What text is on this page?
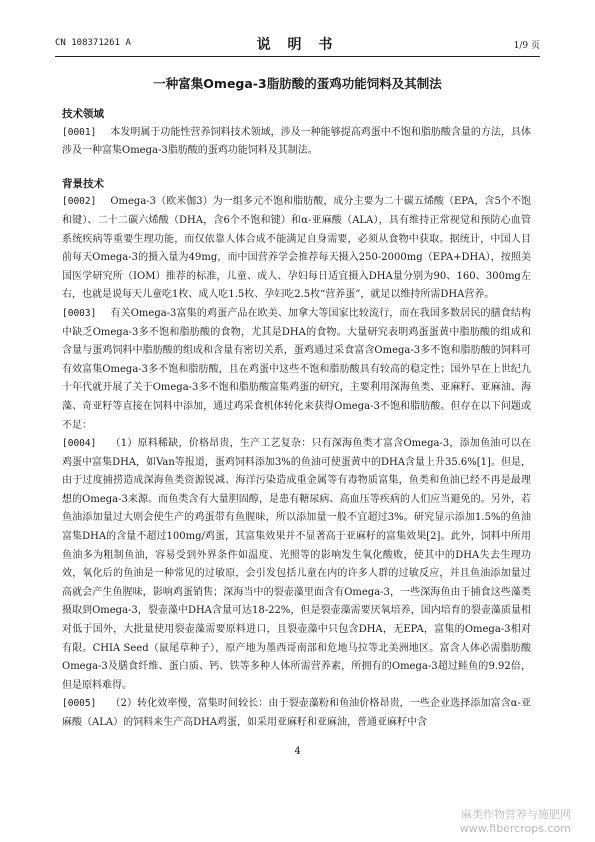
CN 108371261 A	说 明 书	1/9 页
一种富集Omega-3脂肪酸的蛋鸡功能饲料及其制法

技术领域

[0001] 本发明属于功能性营养饲料技术领域，涉及一种能够提高鸡蛋中不饱和脂肪酸含量的方法，具体涉及一种富集Omega-3脂肪酸的蛋鸡功能饲料及其制法。

背景技术

[0002] Omega-3（欧米伽3）为一组多元不饱和脂肪酸，成分主要为二十碳五烯酸（EPA，含5个不饱和键）、二十二碳六烯酸（DHA，含6个不饱和键）和α-亚麻酸（ALA），具有维持正常视觉和预防心血管系统疾病等重要生理功能，而仅依靠人体合成不能满足自身需要，必须从食物中获取。据统计，中国人目前每天Omega-3的摄入量为49mg，而中国营养学会推荐每天摄入250-2000mg（EPA+DHA），按照美国医学研究所（IOM）推荐的标准，儿童、成人、孕妇每日适宜摄入DHA量分别为90、160、300mg左右，也就是说每天儿童吃1枚、成人吃1.5枚、孕妇吃2.5枚“营养蛋”，就足以维持所需DHA营养。

[0003] 有关Omega-3富集的鸡蛋产品在欧美、加拿大等国家比较流行，而在我国多数居民的膳食结构中缺乏Omega-3多不饱和脂肪酸的食物，尤其是DHA的食物。大量研究表明鸡蛋蛋黄中脂肪酸的组成和含量与蛋鸡饲料中脂肪酸的组成和含量有密切关系，蛋鸡通过采食富含Omega-3多不饱和脂肪酸的饲料可有效富集Omega-3多不饱和脂肪酸，且在鸡蛋中这些不饱和脂肪酸具有较高的稳定性；国外早在上世纪九十年代就开展了关于Omega-3多不饱和脂肪酸富集鸡蛋的研究，主要利用深海鱼类、亚麻籽、亚麻油、海藻、奇亚籽等直接在饲料中添加，通过鸡采食机体转化来获得Omega-3不饱和脂肪酸。但存在以下问题或不足：

[0004] （1）原料稀缺，价格昂贵，生产工艺复杂：只有深海鱼类才富含Omega-3，添加鱼油可以在鸡蛋中富集DHA，如Van等报道，蛋鸡饲料添加3%的鱼油可使蛋黄中的DHA含量上升35.6%[1]。但是，由于过度捕捞造成深海鱼类资源锐减、海洋污染造成重金属等有毒物质富集，鱼类和鱼油已经不再是最理想的Omega-3来源。而鱼类含有大量胆固醇，是患有糖尿病、高血压等疾病的人们应当避免的。另外，若鱼油添加量过大则会使生产的鸡蛋带有鱼腥味，所以添加量一般不宜超过3%。研究显示添加1.5%的鱼油富集DHA的含量不超过100mg/鸡蛋，其富集效果并不显著高于亚麻籽的富集效果[2]。此外，饲料中所用鱼油多为粗制鱼油，容易受到外界条件如温度、光照等的影响发生氧化酸败，使其中的DHA失去生理功效，氧化后的鱼油是一种常见的过敏原，会引发包括儿童在内的许多人群的过敏反应，并且鱼油添加量过高就会产生鱼腥味，影响鸡蛋销售；深海当中的裂壶藻里面含有Omega-3，一些深海鱼由于捕食这些藻类摄取到Omega-3，裂壶藻中DHA含量可达18-22%，但是裂壶藻需要厌氧培养，国内培育的裂壶藻质量相对低于国外，大批量使用裂壶藻需要原料进口，且裂壶藻中只包含DHA，无EPA，富集的Omega-3相对有限。CHIA Seed（鼠尾草种子），原产地为墨西哥南部和危地马拉等北美洲地区。富含人体必需脂肪酸Omega-3及膳食纤维、蛋白质、钙、铁等多种人体所需营养素，所拥有的Omega-3超过鲑鱼的9.92倍，但是原料难得。

[0005] （2）转化效率慢，富集时间较长：由于裂壶藻粉和鱼油价格昂贵，一些企业选择添加富含α-亚麻酸（ALA）的饲料来生产高DHA鸡蛋，如采用亚麻籽和亚麻油，普通亚麻籽中含

4
麻类作物营养与施肥网
www.fibercrops.com
